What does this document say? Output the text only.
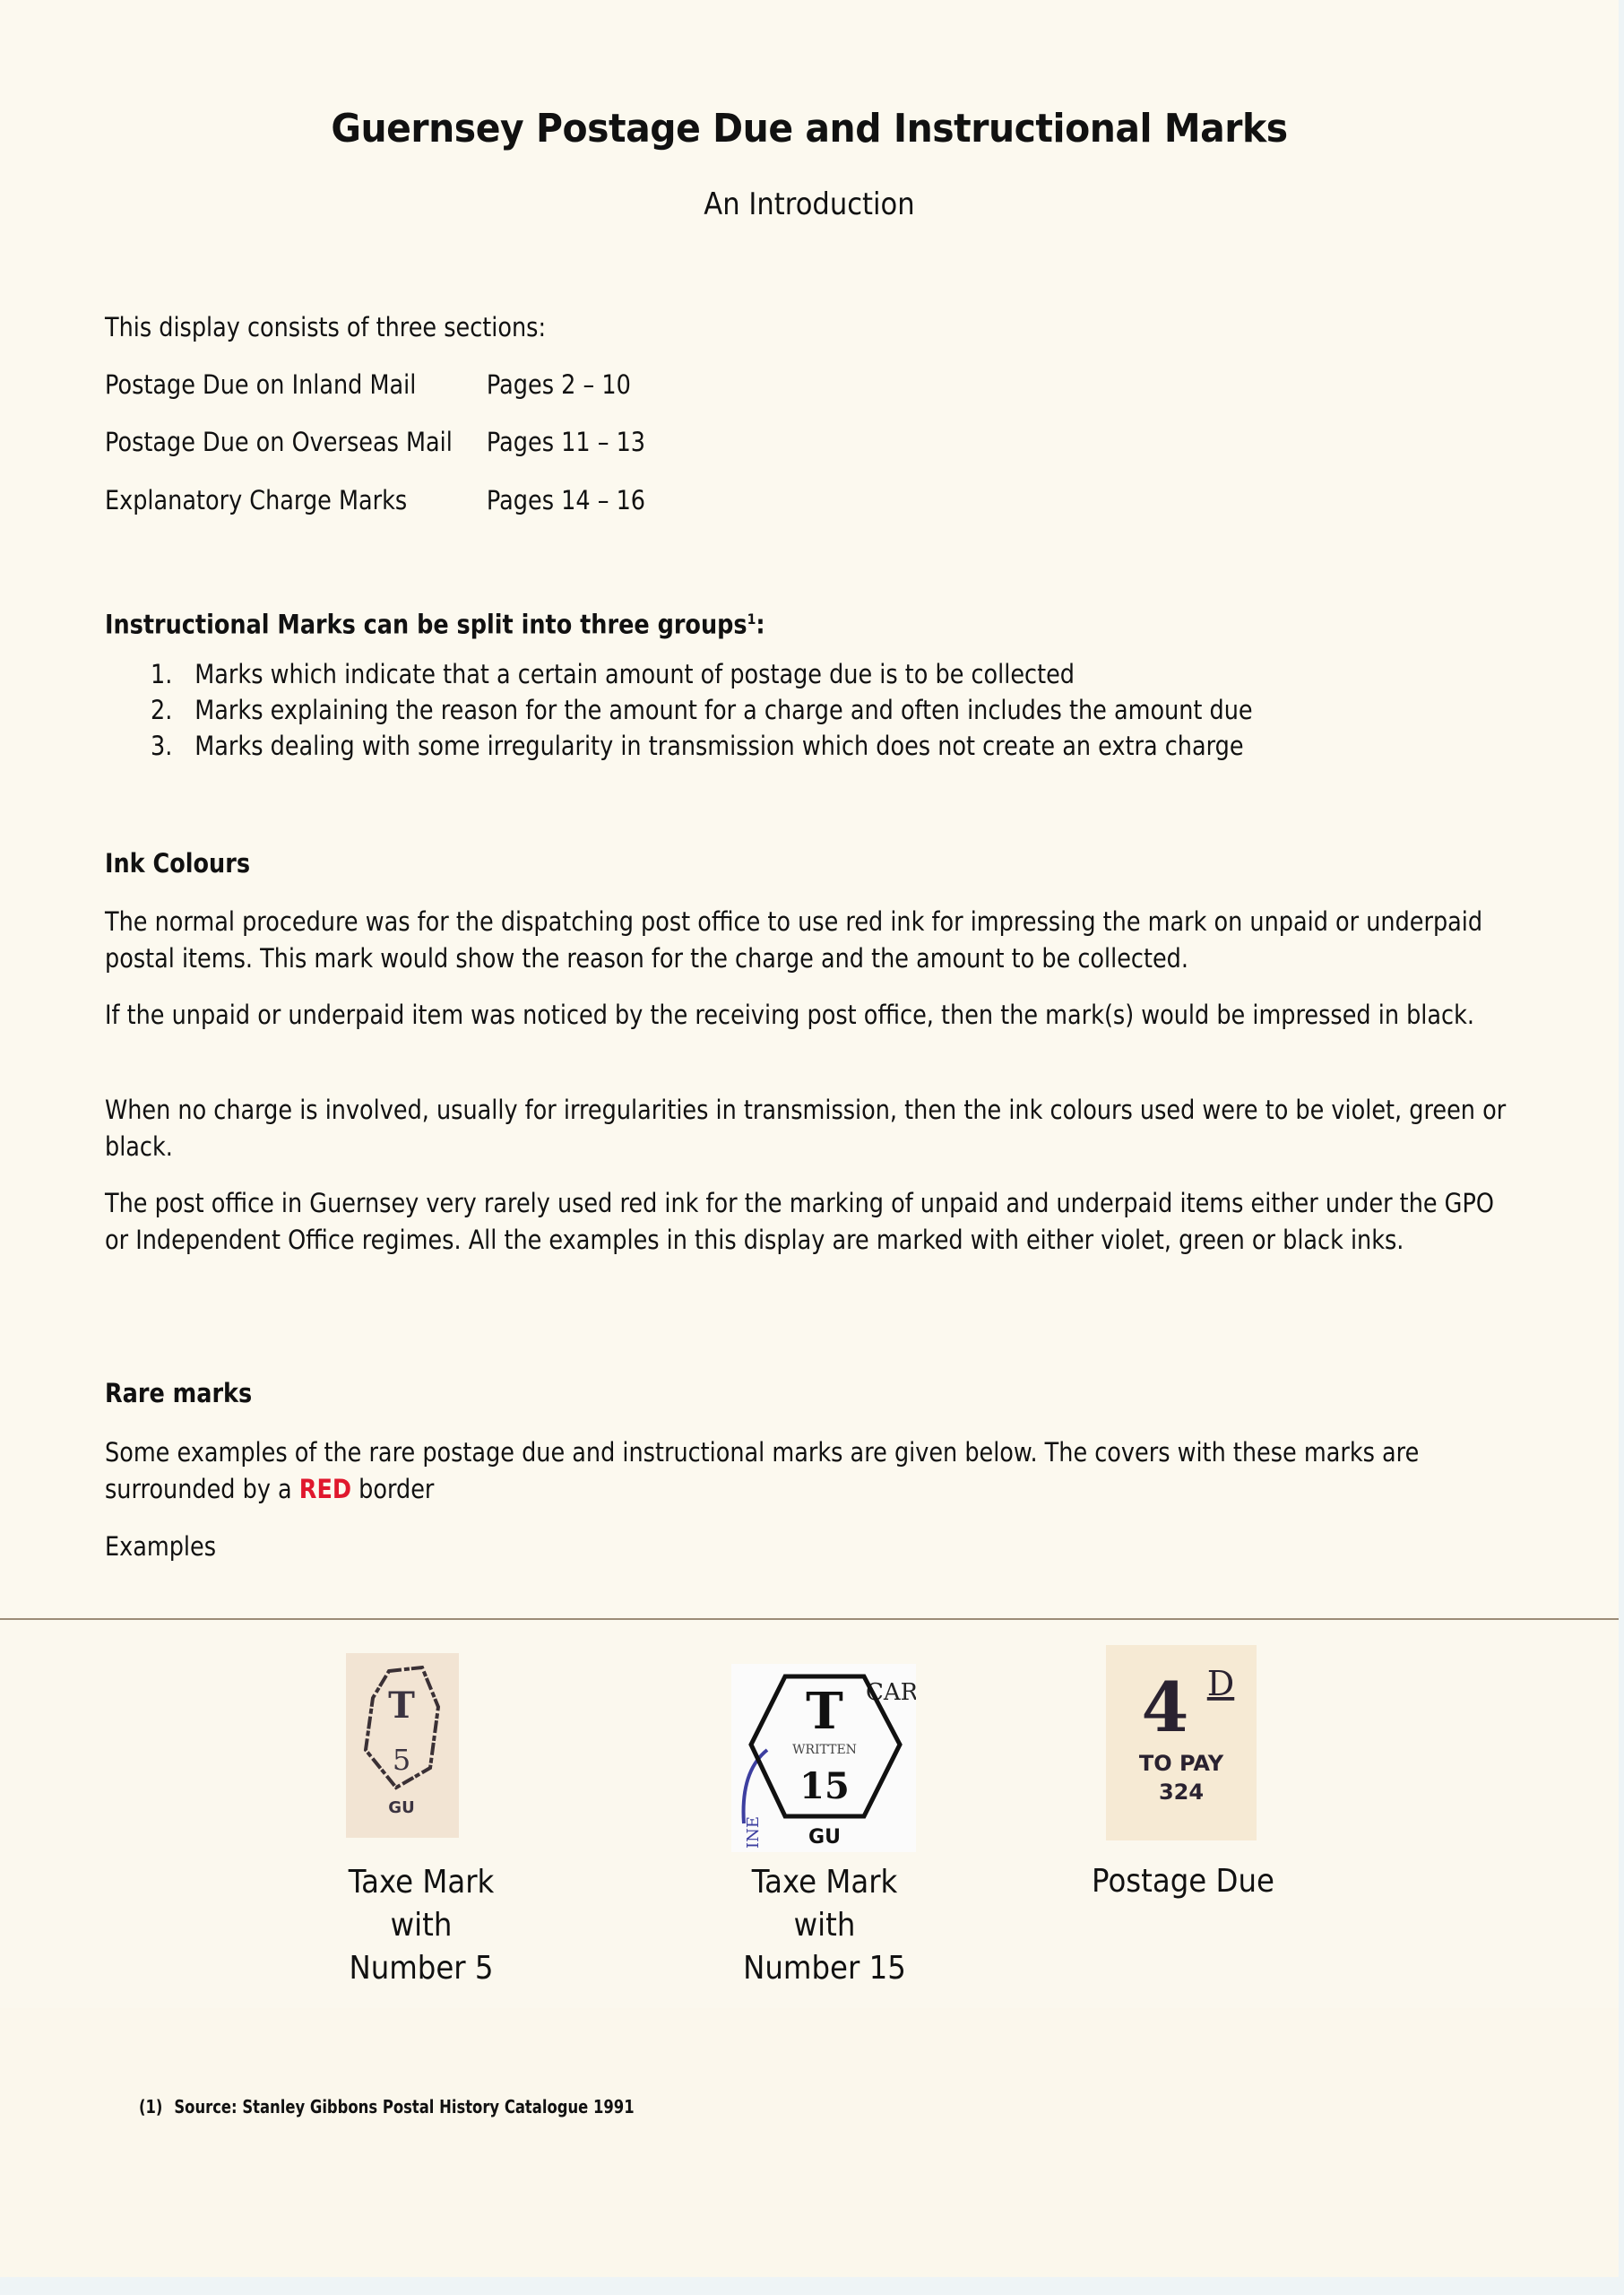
Guernsey Postage Due and Instructional Marks
An Introduction
This display consists of three sections:
Postage Due on Inland Mail	Pages 2 – 10
Postage Due on Overseas Mail Pages 11 – 13
Explanatory Charge Marks	Pages 14 – 16
Instructional Marks can be split into three groups$^1$:
1. Marks which indicate that a certain amount of postage due is to be collected
2. Marks explaining the reason for the amount for a charge and often includes the amount due
3. Marks dealing with some irregularity in transmission which does not create an extra charge
Ink Colours
The normal procedure was for the dispatching post office to use red ink for impressing the mark on unpaid or underpaid postal items. This mark would show the reason for the charge and the amount to be collected.
If the unpaid or underpaid item was noticed by the receiving post office, then the mark(s) would be impressed in black.
When no charge is involved, usually for irregularities in transmission, then the ink colours used were to be violet, green or black.
The post office in Guernsey very rarely used red ink for the marking of unpaid and underpaid items either under the GPO or Independent Office regimes. All the examples in this display are marked with either violet, green or black inks.
Rare marks
Some examples of the rare postage due and instructional marks are given below. The covers with these marks are surrounded by a RED border
Examples
T
5
GU
Taxe Mark
with
Number 5
INE
CAR
T
WRITTEN
15
GU
Taxe Mark
with
Number 15
4 D
TO PAY
324
Postage Due
(1) Source: Stanley Gibbons Postal History Catalogue 1991
